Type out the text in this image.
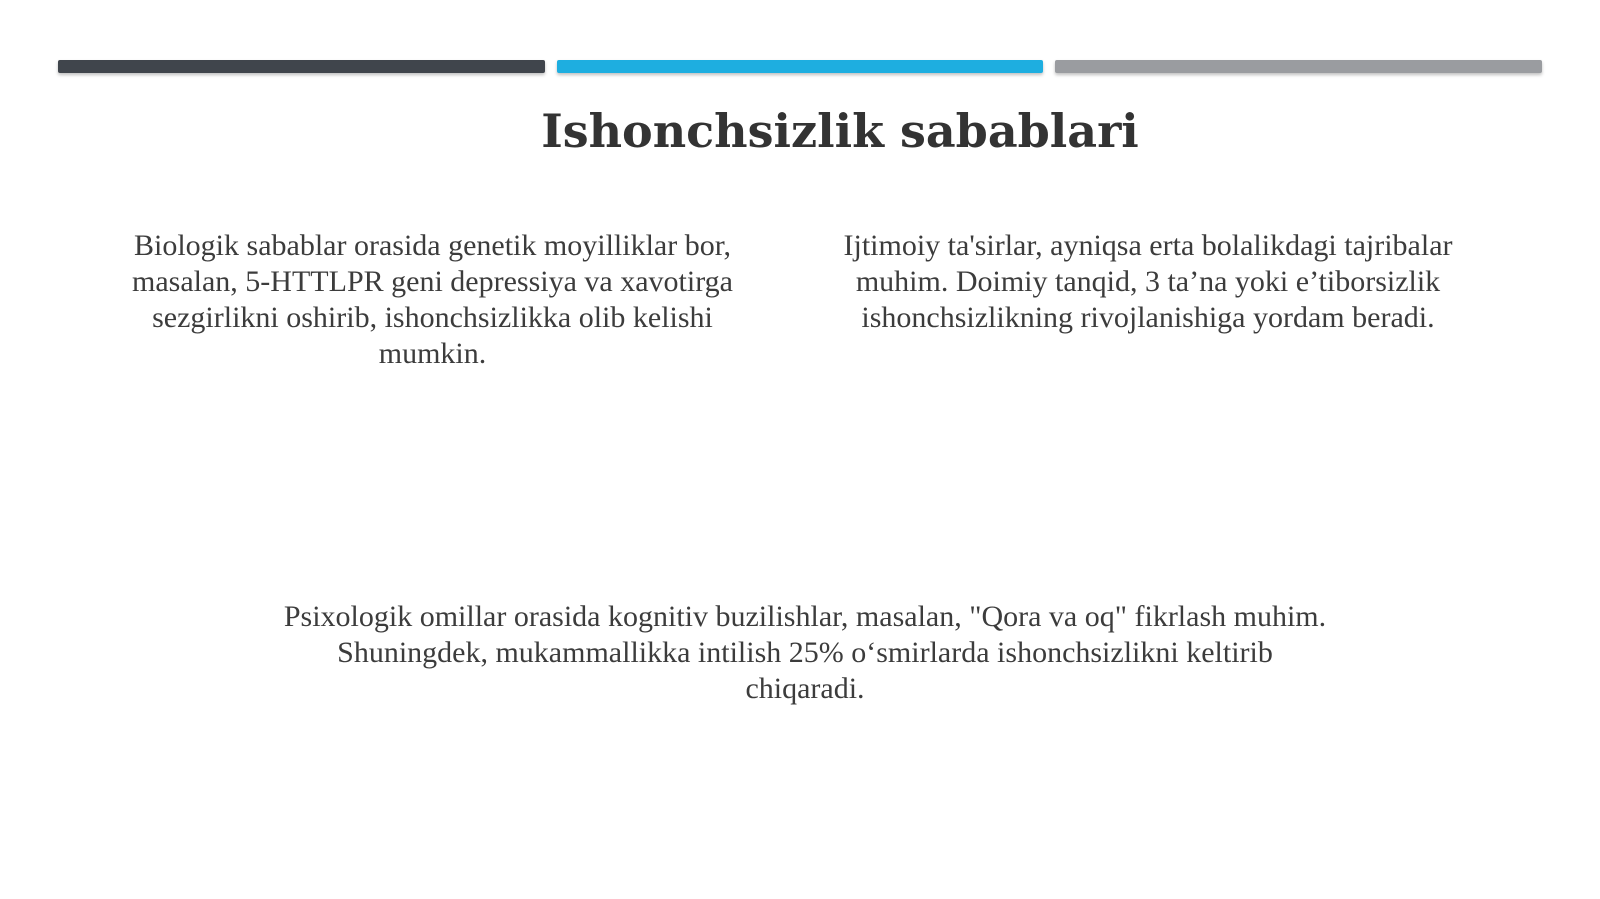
Ishonchsizlik sabablari

Biologik sabablar orasida genetik moyilliklar bor, masalan, 5-HTTLPR geni depressiya va xavotirga sezgirlikni oshirib, ishonchsizlikka olib kelishi mumkin.

Ijtimoiy ta'sirlar, ayniqsa erta bolalikdagi tajribalar muhim. Doimiy tanqid, 3 ta’na yoki e’tiborsizlik ishonchsizlikning rivojlanishiga yordam beradi.

Psixologik omillar orasida kognitiv buzilishlar, masalan, "Qora va oq" fikrlash muhim. Shuningdek, mukammallikka intilish 25% o‘smirlarda ishonchsizlikni keltirib chiqaradi.
